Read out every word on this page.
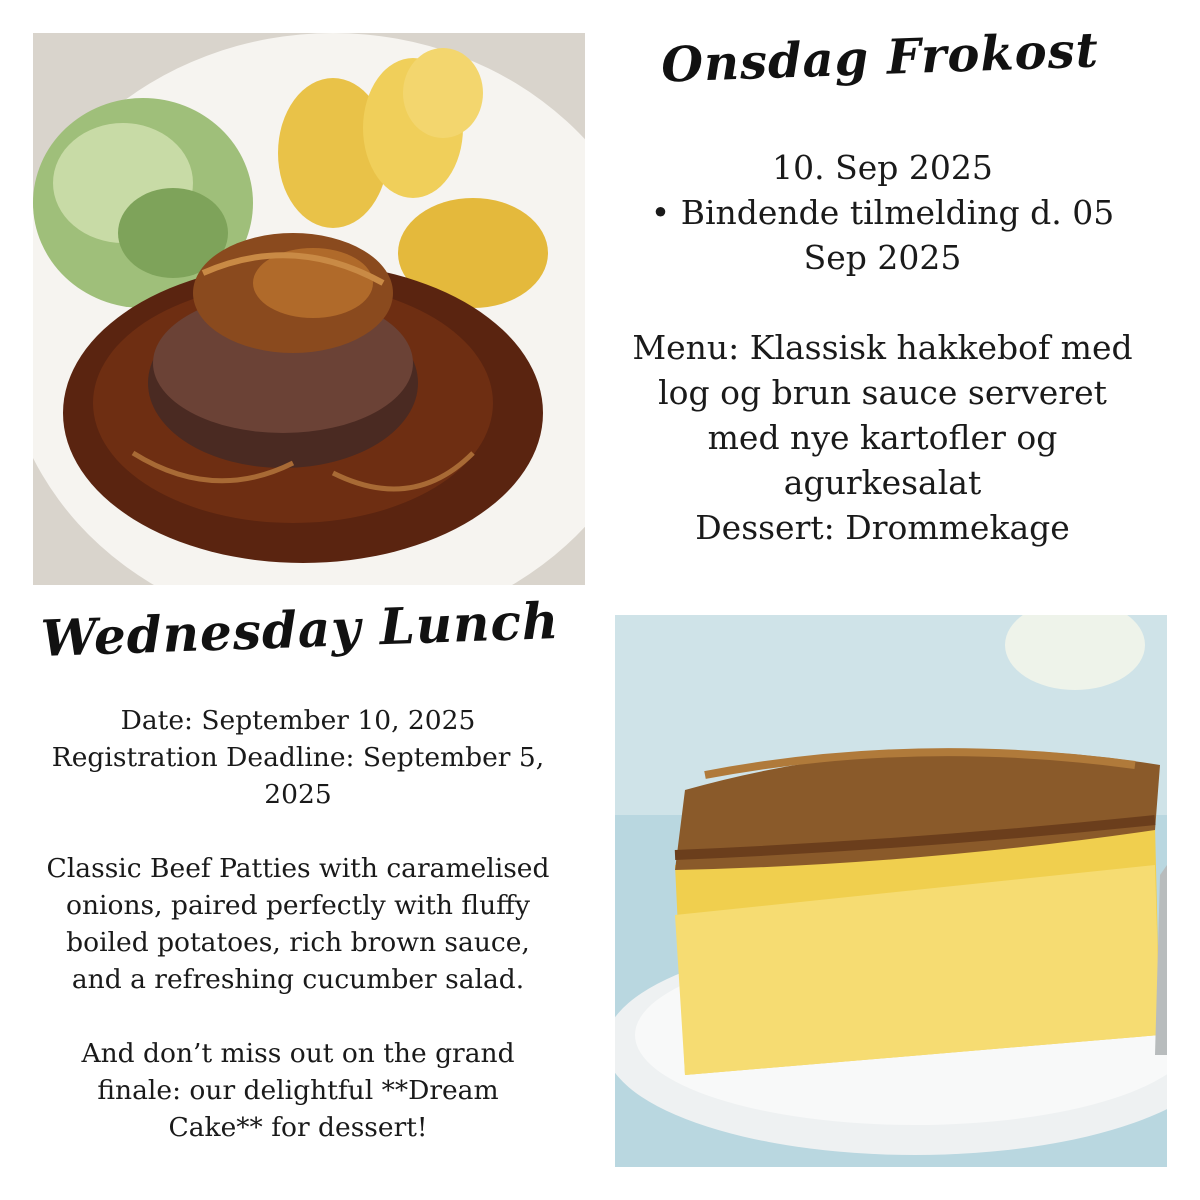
Onsdag Frokost
10. Sep 2025
• Bindende tilmelding d. 05
Sep 2025
Menu: Klassisk hakkebof med
log og brun sauce serveret
med nye kartofler og
agurkesalat
Dessert: Drommekage
Wednesday Lunch
Date: September 10, 2025
Registration Deadline: September 5,
2025
Classic Beef Patties with caramelised
onions, paired perfectly with fluffy
boiled potatoes, rich brown sauce,
and a refreshing cucumber salad.
And don’t miss out on the grand
finale: our delightful **Dream
Cake** for dessert!
